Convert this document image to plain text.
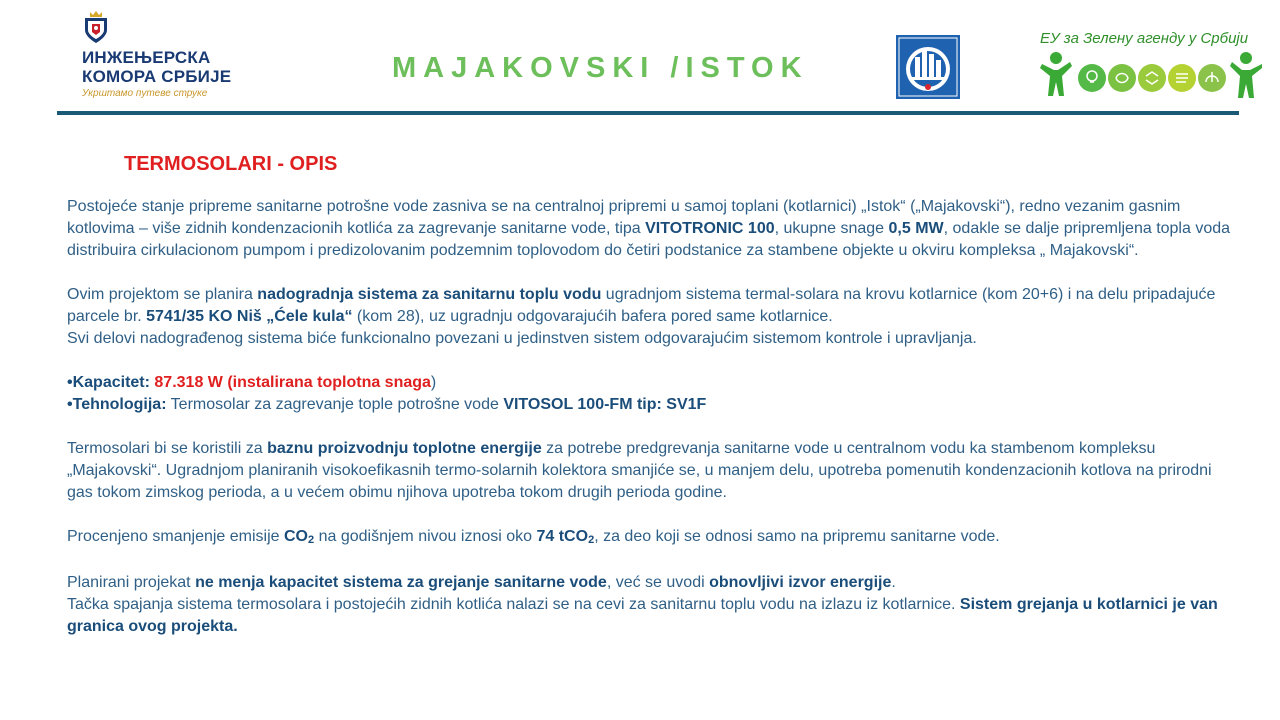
ИНЖЕЊЕРСКА
КОМОРА СРБИЈЕ
Укрштамо путеве струке
MAJAKOVSKI /ISTOK
ЕУ за Зелену агенду у Србији
TERMOSOLARI - OPIS

Postojeće stanje pripreme sanitarne potrošne vode zasniva se na centralnoj pripremi u samoj toplani (kotlarnici) „Istok“ („Majakovski“), redno vezanim gasnim kotlovima – više zidnih kondenzacionih kotlića za zagrevanje sanitarne vode, tipa VITOTRONIC 100, ukupne snage 0,5 MW, odakle se dalje pripremljena topla voda distribuira cirkulacionom pumpom i predizolovanim podzemnim toplovodom do četiri podstanice za stambene objekte u okviru kompleksa „ Majakovski“.

Ovim projektom se planira nadogradnja sistema za sanitarnu toplu vodu ugradnjom sistema termal-solara na krovu kotlarnice (kom 20+6) i na delu pripadajuće parcele br. 5741/35 KO Niš „Ćele kula“ (kom 28), uz ugradnju odgovarajućih bafera pored same kotlarnice.

Svi delovi nadograđenog sistema biće funkcionalno povezani u jedinstven sistem odgovarajućim sistemom kontrole i upravljanja.

•Kapacitet: 87.318 W (instalirana toplotna snaga)

•Tehnologija: Termosolar za zagrevanje tople potrošne vode VITOSOL 100-FM tip: SV1F

Termosolari bi se koristili za baznu proizvodnju toplotne energije za potrebe predgrevanja sanitarne vode u centralnom vodu ka stambenom kompleksu „Majakovski“. Ugradnjom planiranih visokoefikasnih termo-solarnih kolektora smanjiće se, u manjem delu, upotreba pomenutih kondenzacionih kotlova na prirodni gas tokom zimskog perioda, a u većem obimu njihova upotreba tokom drugih perioda godine.

Procenjeno smanjenje emisije CO2 na godišnjem nivou iznosi oko 74 tCO2, za deo koji se odnosi samo na pripremu sanitarne vode.

Planirani projekat ne menja kapacitet sistema za grejanje sanitarne vode, već se uvodi obnovljivi izvor energije.

Tačka spajanja sistema termosolara i postojećih zidnih kotlića nalazi se na cevi za sanitarnu toplu vodu na izlazu iz kotlarnice. Sistem grejanja u kotlarnici je van granica ovog projekta.
